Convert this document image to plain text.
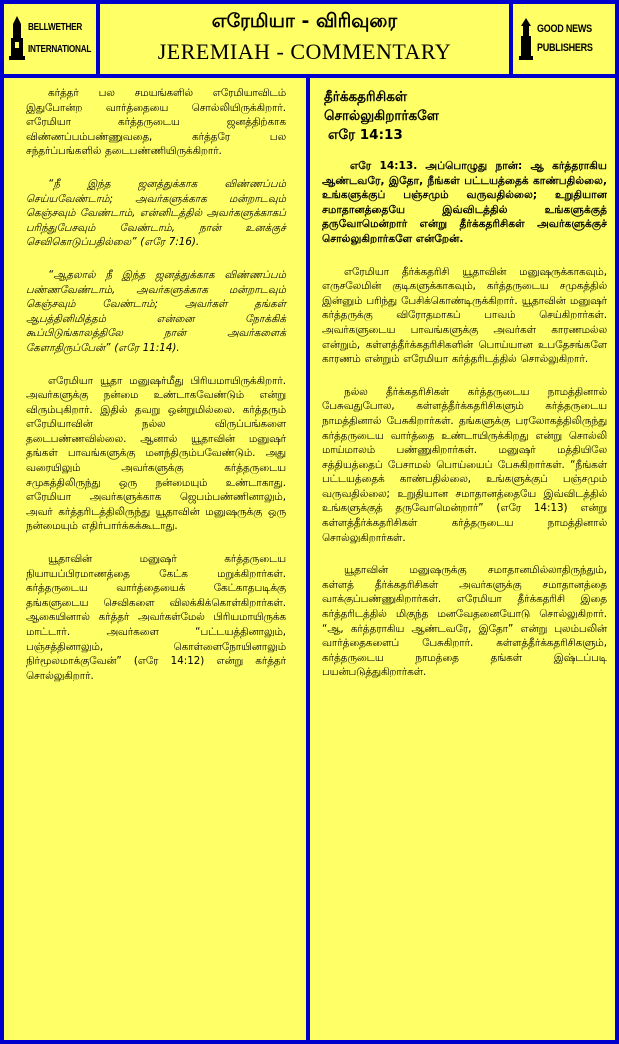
BELLWETHER
INTERNATIONAL
எரேமியா - விரிவுரை
JEREMIAH - COMMENTARY
GOOD NEWS
PUBLISHERS

கர்த்தர் பல சமயங்களில் எரேமியாவிடம் இதுபோன்ற வார்த்தையை சொல்லியிருக்கிறார். எரேமியா கர்த்தருடைய ஜனத்திற்காக விண்ணப்பம்பண்ணுவதை, கர்த்தரே பல சந்தர்ப்பங்களில் தடைபண்ணியிருக்கிறார்.

“நீ இந்த ஜனத்துக்காக விண்ணப்பம் செய்யவேண்டாம்; அவர்களுக்காக மன்றாடவும் கெஞ்சவும் வேண்டாம், என்னிடத்தில் அவர்களுக்காகப் பரிந்துபேசவும் வேண்டாம், நான் உனக்குச் செவிகொடுப்பதில்லை” (எரே 7:16).

“ஆதலால் நீ இந்த ஜனத்துக்காக விண்ணப்பம் பண்ணவேண்டாம், அவர்களுக்காக மன்றாடவும் கெஞ்சவும் வேண்டாம்; அவர்கள் தங்கள் ஆபத்தினிமித்தம் என்னை நோக்கிக் கூப்பிடுங்காலத்திலே நான் அவர்களைக் கேளாதிருப்பேன்” (எரே 11:14).

எரேமியா யூதா மனுஷர்மீது பிரியமாயிருக்கிறார். அவர்களுக்கு நன்மை உண்டாகவேண்டும் என்று விரும்புகிறார். இதில் தவறு ஒன்றுமில்லை. கர்த்தரும் எரேமியாவின் நல்ல விருப்பங்களை தடைபண்ணவில்லை. ஆனால் யூதாவின் மனுஷர் தங்கள் பாவங்களுக்கு மனந்திரும்பவேண்டும். அது வரையிலும் அவர்களுக்கு கர்த்தருடைய சமுகத்திலிருந்து ஒரு நன்மையும் உண்டாகாது. எரேமியா அவர்களுக்காக ஜெபம்பண்ணினாலும், அவர் கர்த்தரிடத்திலிருந்து யூதாவின் மனுஷருக்கு ஒரு நன்மையும் எதிர்பார்க்கக்கூடாது.

யூதாவின் மனுஷர் கர்த்தருடைய நியாயப்பிரமாணத்தை கேட்க மறுக்கிறார்கள். கர்த்தருடைய வார்த்தையைக் கேட்காதபடிக்கு தங்களுடைய செவிகளை விலக்கிக்கொள்கிறார்கள். ஆகையினால் கர்த்தர் அவர்கள்மேல் பிரியமாயிருக்க மாட்டார். அவர்களை “பட்டயத்தினாலும், பஞ்சத்தினாலும், கொள்ளைநோயினாலும் நிர்மூலமாக்குவேன்” (எரே 14:12) என்று கர்த்தர் சொல்லுகிறார்.

தீர்க்கதரிசிகள்
சொல்லுகிறார்களே
எரே 14:13

எரே 14:13. அப்பொழுது நான்: ஆ கர்த்தராகிய ஆண்டவரே, இதோ, நீங்கள் பட்டயத்தைக் காண்பதில்லை, உங்களுக்குப் பஞ்சமும் வருவதில்லை; உறுதியான சமாதானத்தையே இவ்விடத்தில் உங்களுக்குத் தருவோமென்றார் என்று தீர்க்கதரிசிகள் அவர்களுக்குச் சொல்லுகிறார்களே என்றேன்.

எரேமியா தீர்க்கதரிசி யூதாவின் மனுஷருக்காகவும், எருசலேமின் குடிகளுக்காகவும், கர்த்தருடைய சமுகத்தில் இன்னும் பரிந்து பேசிக்கொண்டிருக்கிறார். யூதாவின் மனுஷர் கர்த்தருக்கு விரோதமாகப் பாவம் செய்கிறார்கள். அவர்களுடைய பாவங்களுக்கு அவர்கள் காரணமல்ல என்றும், கள்ளத்தீர்க்கதரிசிகளின் பொய்யான உபதேசங்களே காரணம் என்றும் எரேமியா கர்த்தரிடத்தில் சொல்லுகிறார்.

நல்ல தீர்க்கதரிசிகள் கர்த்தருடைய நாமத்தினால் பேசுவதுபோல, கள்ளத்தீர்க்கதரிசிகளும் கர்த்தருடைய நாமத்தினால் பேசுகிறார்கள். தங்களுக்கு பரலோகத்திலிருந்து கர்த்தருடைய வார்த்தை உண்டாயிருக்கிறது என்று சொல்லி மாய்மாலம் பண்ணுகிறார்கள். மனுஷர் மத்தியிலே சத்தியத்தைப் பேசாமல் பொய்யைப் பேசுகிறார்கள். “நீங்கள் பட்டயத்தைக் காண்பதில்லை, உங்களுக்குப் பஞ்சமும் வருவதில்லை; உறுதியான சமாதானத்தையே இவ்விடத்தில் உங்களுக்குத் தருவோமென்றார்” (எரே 14:13) என்று கள்ளத்தீர்க்கதரிசிகள் கர்த்தருடைய நாமத்தினால் சொல்லுகிறார்கள்.

யூதாவின் மனுஷருக்கு சமாதானமில்லாதிருந்தும், கள்ளத் தீர்க்கதரிசிகள் அவர்களுக்கு சமாதானத்தை வாக்குப்பண்ணுகிறார்கள். எரேமியா தீர்க்கதரிசி இதை கர்த்தரிடத்தில் மிகுந்த மனவேதனையோடு சொல்லுகிறார். “ஆ, கர்த்தராகிய ஆண்டவரே, இதோ” என்று புலம்பலின் வார்த்தைகளைப் பேசுகிறார். கள்ளத்தீர்க்கதரிசிகளும், கர்த்தருடைய நாமத்தை தங்கள் இஷ்டப்படி பயன்படுத்துகிறார்கள்.
